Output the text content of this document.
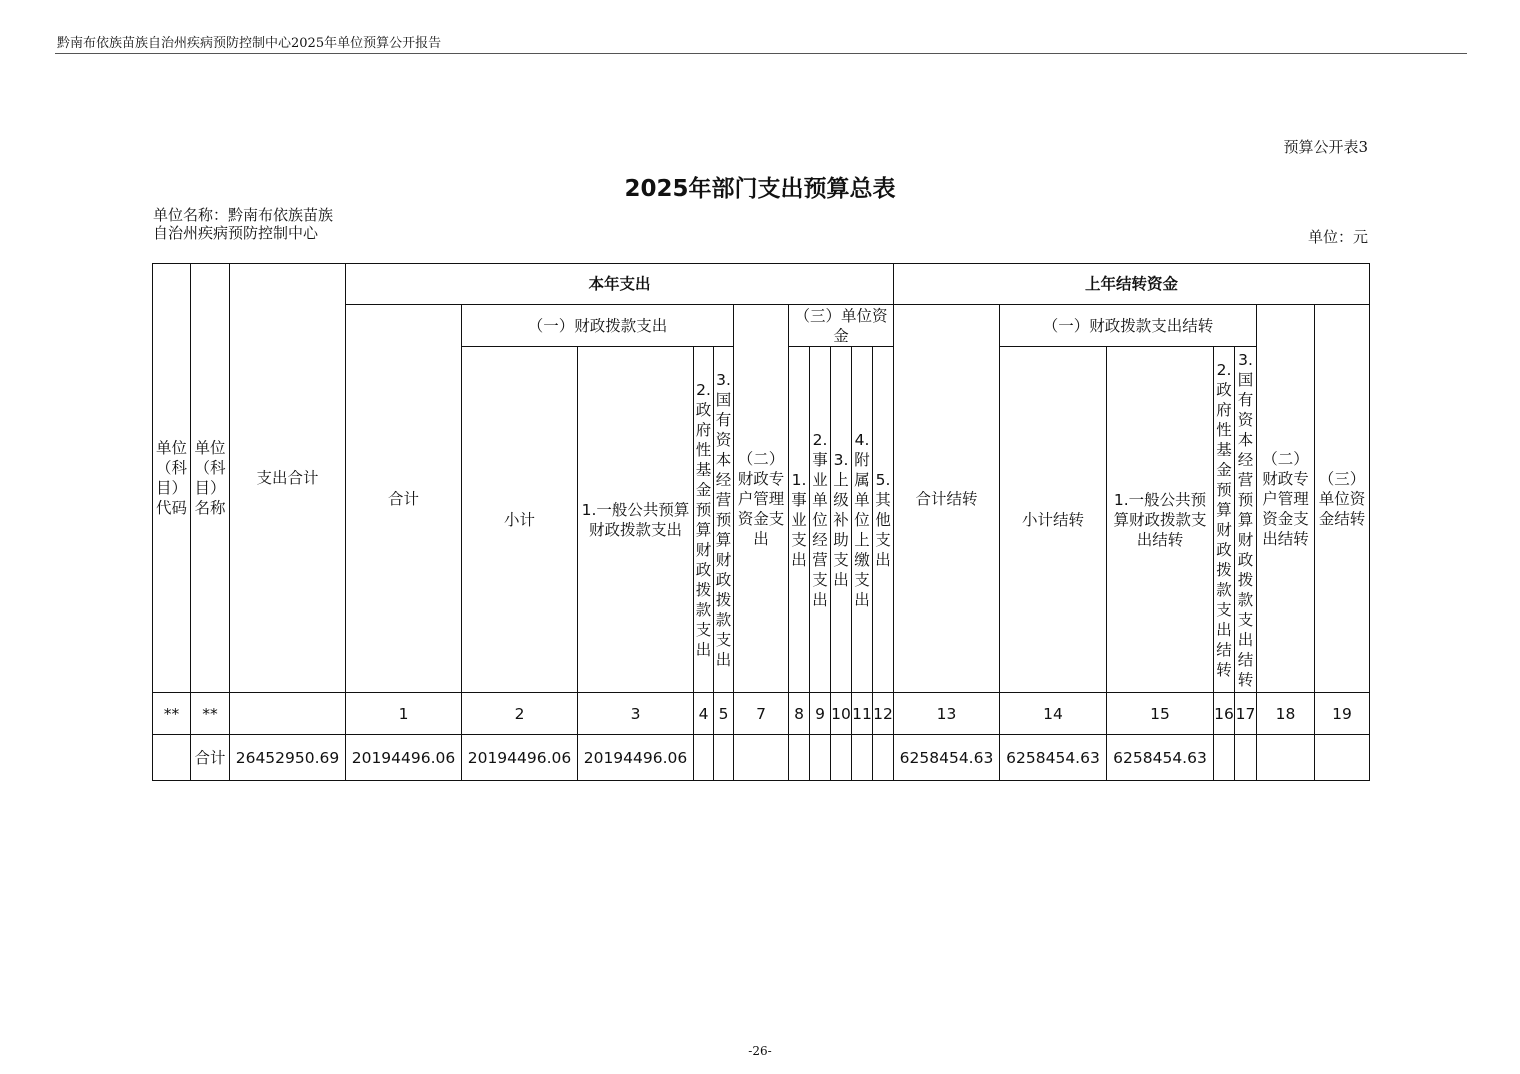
黔南布依族苗族自治州疾病预防控制中心2025年单位预算公开报告
预算公开表3
2025年部门支出预算总表
单位名称：黔南布依族苗族自治州疾病预防控制中心	单位：元
单位（科目）代码	单位（科目）名称	支出合计	本年支出											上年结转资金						
			合计	（一）财政拨款支出				（二）财政专户管理资金支出	（三）单位资金					合计结转	（一）财政拨款支出结转				（二）财政专户管理资金支出结转	（三）单位资金结转
				小计	1.一般公共预算财政拨款支出	2.政府性基金预算财政拨款支出	3.国有资本经营预算财政拨款支出		1.事业支出	2.事业单位经营支出	3.上级补助支出	4.附属单位上缴支出	5.其他支出		小计结转	1.一般公共预算财政拨款支出结转	2.政府性基金预算财政拨款支出结转	3.国有资本经营预算财政拨款支出结转		
**	**		1	2	3	4	5	7	8	9	10	11	12	13	14	15	16	17	18	19
	合计	26452950.69	20194496.06	20194496.06	20194496.06									6258454.63	6258454.63	6258454.63				
-26-
